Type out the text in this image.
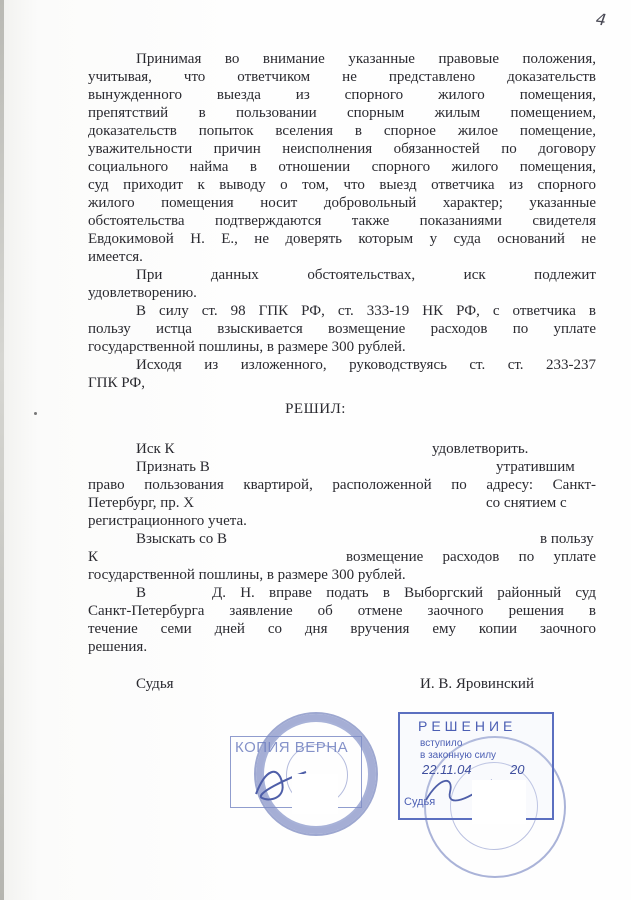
4
Принимая во внимание указанные правовые положения,
учитывая, что ответчиком не представлено доказательств
вынужденного выезда из спорного жилого помещения,
препятствий в пользовании спорным жилым помещением,
доказательств попыток вселения в спорное жилое помещение,
уважительности причин неисполнения обязанностей по договору
социального найма в отношении спорного жилого помещения,
суд приходит к выводу о том, что выезд ответчика из спорного
жилого помещения носит добровольный характер; указанные
обстоятельства подтверждаются также показаниями свидетеля
Евдокимовой Н. Е., не доверять которым у суда оснований не
имеется.
При данных обстоятельствах, иск подлежит
удовлетворению.
В силу ст. 98 ГПК РФ, ст. 333-19 НК РФ, с ответчика в
пользу истца взыскивается возмещение расходов по уплате
государственной пошлины, в размере 300 рублей.
Исходя из изложенного, руководствуясь ст. ст. 233-237
ГПК РФ,
РЕШИЛ:
Иск К	удовлетворить.
Признать В	утратившим
право пользования квартирой, расположенной по адресу: Санкт-
Петербург, пр. Х	со снятием с
регистрационного учета.
Взыскать со В	в пользу
К	возмещение расходов по уплате
государственной пошлины, в размере 300 рублей.
В	Д. Н. вправе подать в Выборгский районный суд
Санкт-Петербурга заявление об отмене заочного решения в
течение семи дней со дня вручения ему копии заочного
решения.
Судья	И. В. Яровинский
КОПИЯ ВЕРНА
РЕШЕНИЕ
вступило
в законную силу
22.11.04	20
Судья
